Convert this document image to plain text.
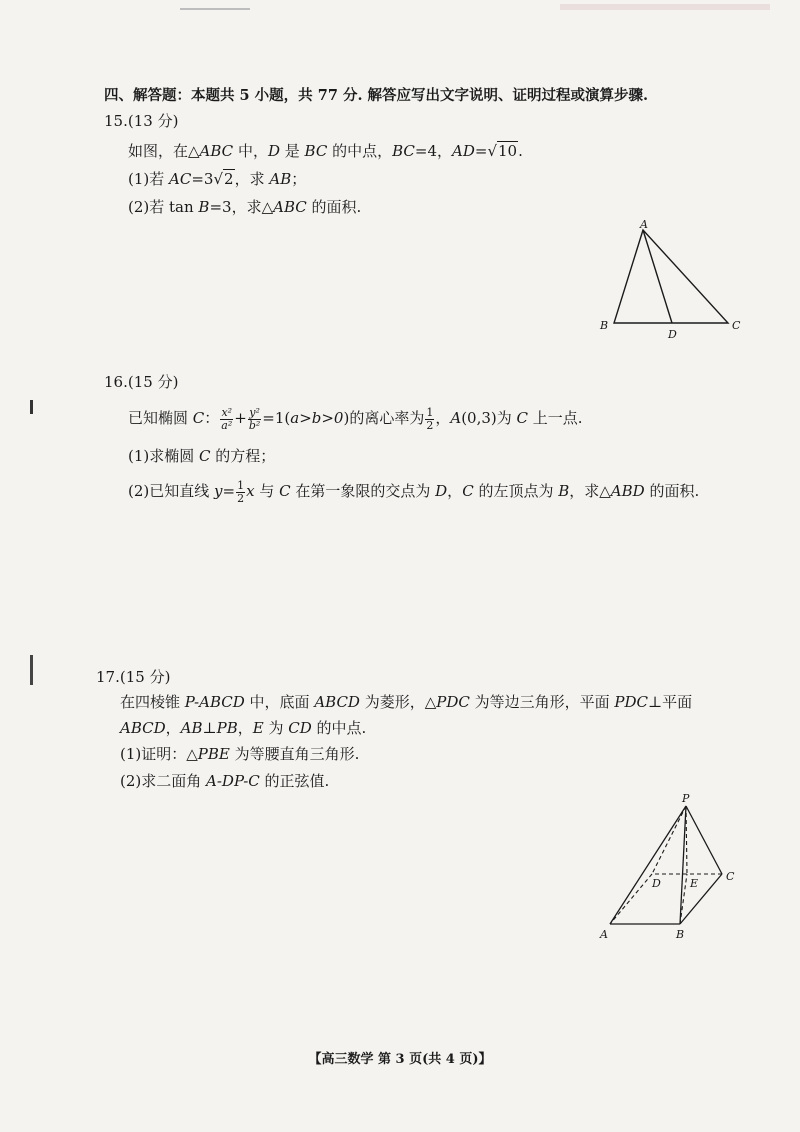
四、解答题：本题共 5 小题，共 77 分. 解答应写出文字说明、证明过程或演算步骤.
15.(13 分)
如图，在△ABC 中，D 是 BC 的中点，BC=4，AD=√10.
(1)若 AC=3√2，求 AB；
(2)若 tan B=3，求△ABC 的面积.
A
B
D
C
16.(15 分)
已知椭圆 C： $\frac{\text{x²}}{\text{a²}} + \frac{\text{y²}}{\text{b²}} =1(a>b>0)$的离心率为 $\frac{1}{2}$ ，A(0,3)为 C 上一点.
(1)求椭圆 C 的方程；
(2)已知直线 $y= \frac{1}{2}$ x 与 C 在第一象限的交点为 D，C 的左顶点为 B，求△ABD 的面积.
17.(15 分)
在四棱锥 P-ABCD 中，底面 ABCD 为菱形，△PDC 为等边三角形，平面 PDC⊥平面
ABCD，AB⊥PB，E 为 CD 的中点.
(1)证明：△PBE 为等腰直角三角形.
(2)求二面角 A-DP-C 的正弦值.
P
A	B
C
D	E
【高三数学 第 3 页(共 4 页)】
